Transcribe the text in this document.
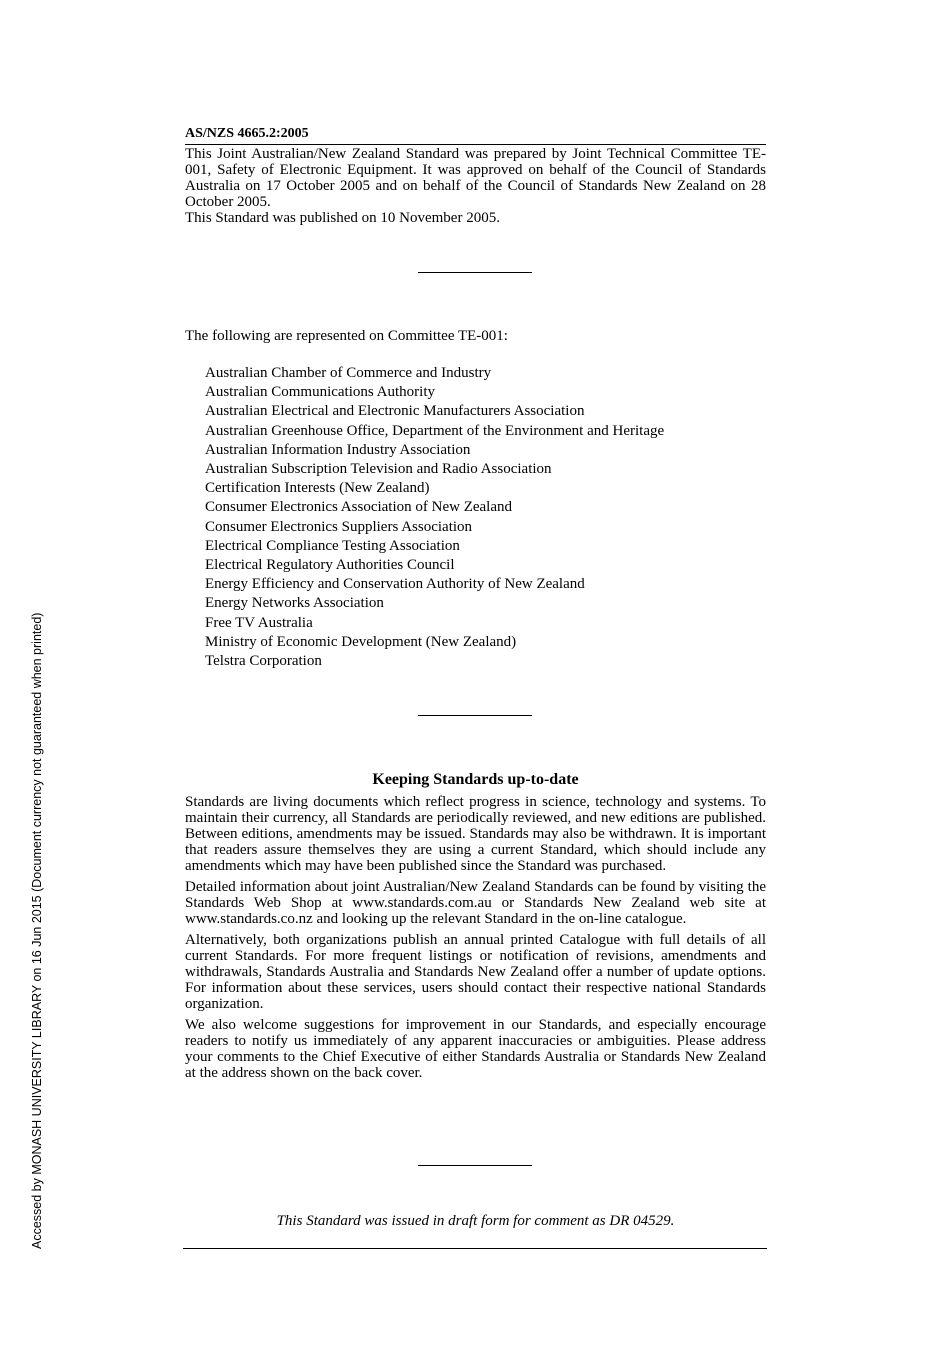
Accessed by MONASH UNIVERSITY LIBRARY on 16 Jun 2015 (Document currency not guaranteed when printed)
AS/NZS 4665.2:2005

This Joint Australian/New Zealand Standard was prepared by Joint Technical Committee TE-001, Safety of Electronic Equipment. It was approved on behalf of the Council of Standards Australia on 17 October 2005 and on behalf of the Council of Standards New Zealand on 28 October 2005.

This Standard was published on 10 November 2005.

The following are represented on Committee TE-001:
Australian Chamber of Commerce and Industry
Australian Communications Authority
Australian Electrical and Electronic Manufacturers Association
Australian Greenhouse Office, Department of the Environment and Heritage
Australian Information Industry Association
Australian Subscription Television and Radio Association
Certification Interests (New Zealand)
Consumer Electronics Association of New Zealand
Consumer Electronics Suppliers Association
Electrical Compliance Testing Association
Electrical Regulatory Authorities Council
Energy Efficiency and Conservation Authority of New Zealand
Energy Networks Association
Free TV Australia
Ministry of Economic Development (New Zealand)
Telstra Corporation
Keeping Standards up-to-date

Standards are living documents which reflect progress in science, technology and systems. To maintain their currency, all Standards are periodically reviewed, and new editions are published. Between editions, amendments may be issued. Standards may also be withdrawn. It is important that readers assure themselves they are using a current Standard, which should include any amendments which may have been published since the Standard was purchased.

Detailed information about joint Australian/New Zealand Standards can be found by visiting the Standards Web Shop at www.standards.com.au or Standards New Zealand web site at www.standards.co.nz and looking up the relevant Standard in the on-line catalogue.

Alternatively, both organizations publish an annual printed Catalogue with full details of all current Standards. For more frequent listings or notification of revisions, amendments and withdrawals, Standards Australia and Standards New Zealand offer a number of update options. For information about these services, users should contact their respective national Standards organization.

We also welcome suggestions for improvement in our Standards, and especially encourage readers to notify us immediately of any apparent inaccuracies or ambiguities. Please address your comments to the Chief Executive of either Standards Australia or Standards New Zealand at the address shown on the back cover.

This Standard was issued in draft form for comment as DR 04529.
